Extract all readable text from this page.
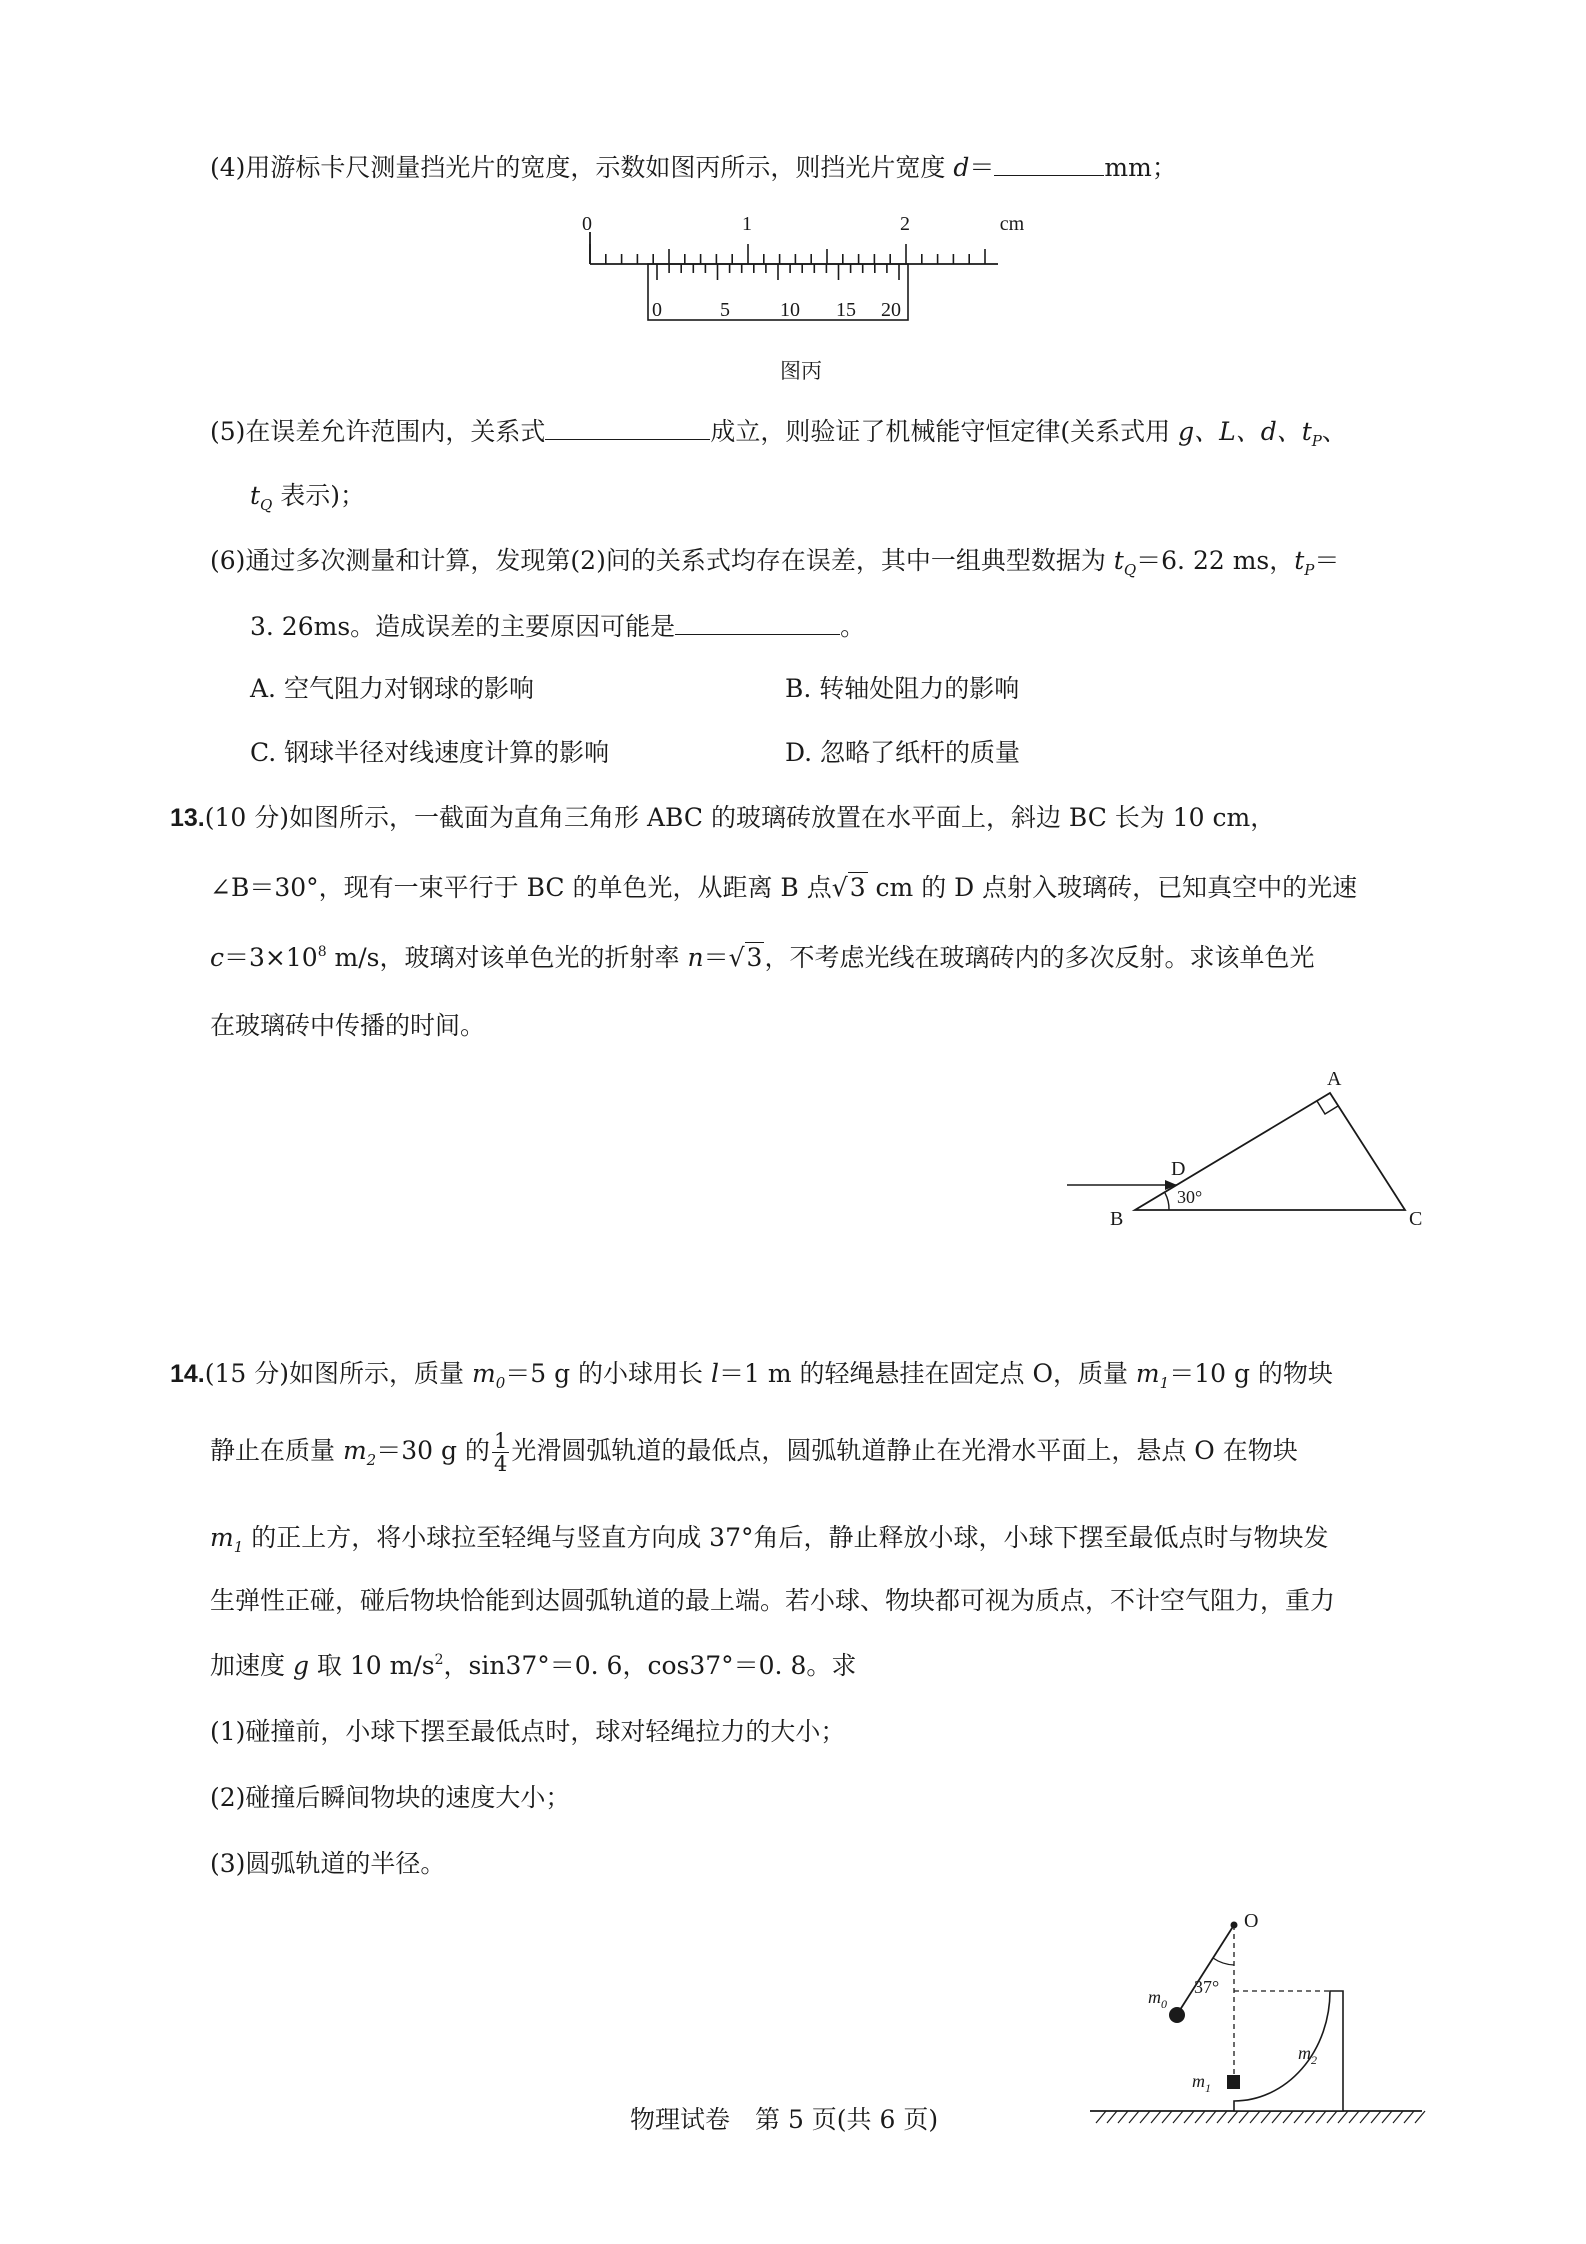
(4)用游标卡尺测量挡光片的宽度，示数如图丙所示，则挡光片宽度 d＝	mm；
0	1	2	cm
0	5	10 15 20
图丙
(5)在误差允许范围内，关系式	成立，则验证了机械能守恒定律(关系式用 g、L、d、$t_P$、
$t_Q$ 表示)；
(6)通过多次测量和计算，发现第(2)问的关系式均存在误差，其中一组典型数据为 $t_Q=6$. 22 ms，$t_P=$
3. 26ms。造成误差的主要原因可能是	。
A. 空气阻力对钢球的影响	B. 转轴处阻力的影响
C. 钢球半径对线速度计算的影响	D. 忽略了纸杆的质量
13.(10 分)如图所示，一截面为直角三角形 ABC 的玻璃砖放置在水平面上，斜边 BC 长为 10 cm，
∠B＝30°，现有一束平行于 BC 的单色光，从距离 B 点√3 cm 的 D 点射入玻璃砖，已知真空中的光速
$c=3\times 10^8$ m/s，玻璃对该单色光的折射率 n＝√3，不考虑光线在玻璃砖内的多次反射。求该单色光
在玻璃砖中传播的时间。
A
B	C
D
30°
14.(15 分)如图所示，质量 $m_0=5$ g 的小球用长 l＝1 m 的轻绳悬挂在固定点 O，质量 $m_1=10$ g 的物块
静止在质量 $m_2=30$ g 的 $\frac{1}{4}$ 光滑圆弧轨道的最低点，圆弧轨道静止在光滑水平面上，悬点 O 在物块
$m_1$ 的正上方，将小球拉至轻绳与竖直方向成 37°角后，静止释放小球，小球下摆至最低点时与物块发
生弹性正碰，碰后物块恰能到达圆弧轨道的最上端。若小球、物块都可视为质点，不计空气阻力，重力
加速度 g 取 10 $m/s^2$，sin37°＝0. 6，cos37°＝0. 8。求
(1)碰撞前，小球下摆至最低点时，球对轻绳拉力的大小；
(2)碰撞后瞬间物块的速度大小；
(3)圆弧轨道的半径。
O
37°
$m_0$
$m_1$
$m_2$
物理试卷　第 5 页(共 6 页)
